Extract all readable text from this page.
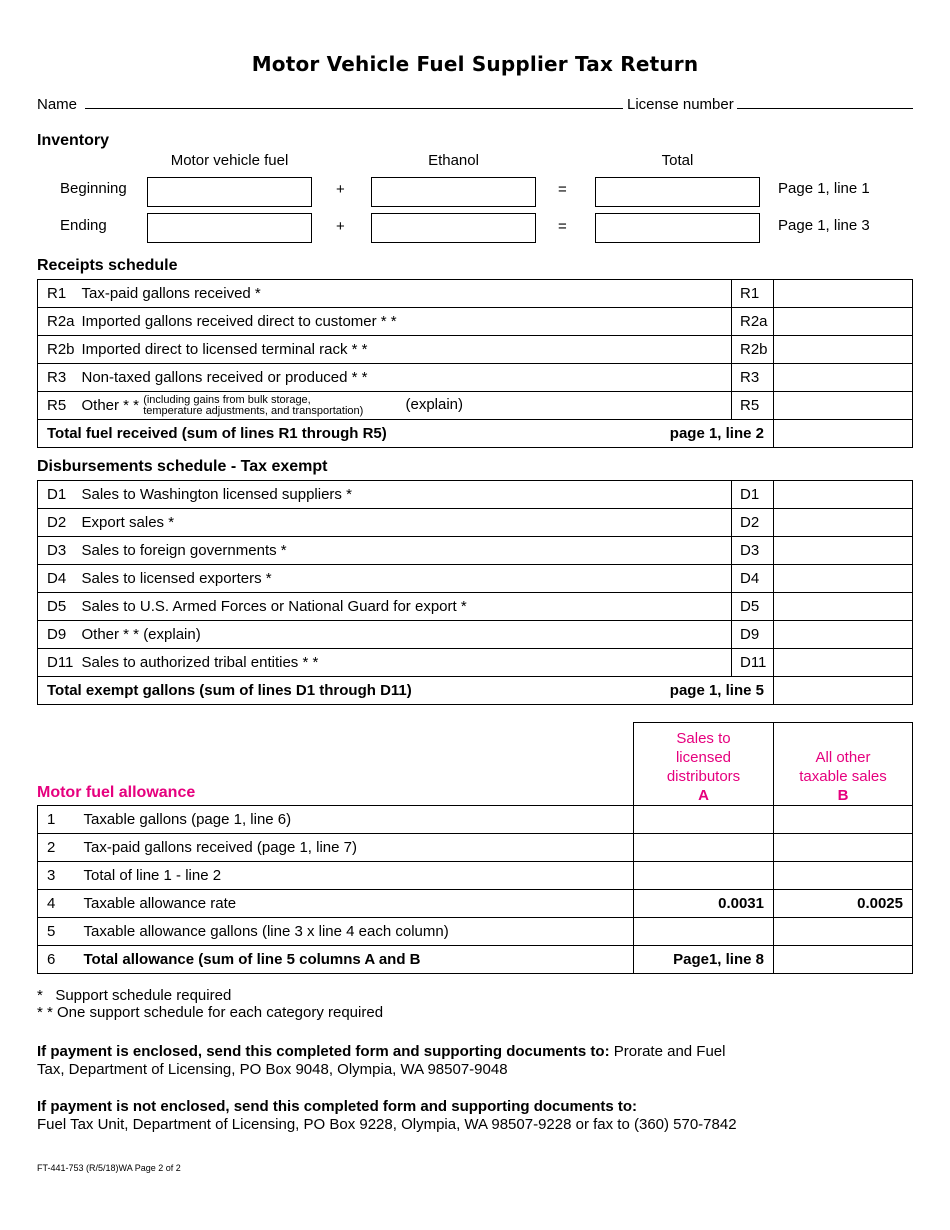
Motor Vehicle Fuel Supplier Tax Return
Name	License number
Inventory
Motor vehicle fuel	Ethanol	Total
Beginning	+	=	Page 1, line 1
Ending	+	=	Page 1, line 3
Receipts schedule
R1	Tax-paid gallons received *	R1	
R2a	Imported gallons received direct to customer * *	R2a	
R2b	Imported direct to licensed terminal rack * *	R2b	
R3	Non-taxed gallons received or produced * *	R3	
R5	Other * * (including gains from bulk storage,
temperature adjustments, and transportation) (explain)	R5	
Total fuel received (sum of lines R1 through R5) page 1, line 2			

Disbursements schedule - Tax exempt
D1	Sales to Washington licensed suppliers *	D1	
D2	Export sales *	D2	
D3	Sales to foreign governments *	D3	
D4	Sales to licensed exporters *	D4	
D5	Sales to U.S. Armed Forces or National Guard for export *	D5	
D9	Other * * (explain)	D9	
D11	Sales to authorized tribal entities * *	D11	
Total exempt gallons (sum of lines D1 through D11) page 1, line 5			

Sales to
licensed
distributors
A
All other
taxable sales
B
Motor fuel allowance
1	Taxable gallons (page 1, line 6)		
2	Tax-paid gallons received (page 1, line 7)		
3	Total of line 1 - line 2		
4	Taxable allowance rate	0.0031	0.0025
5	Taxable allowance gallons (line 3 x line 4 each column)		
6	Total allowance (sum of line 5 columns A and B	Page1, line 8	
*   Support schedule required
* * One support schedule for each category required
If payment is enclosed, send this completed form and supporting documents to: Prorate and Fuel
Tax, Department of Licensing, PO Box 9048, Olympia, WA 98507-9048
If payment is not enclosed, send this completed form and supporting documents to:
Fuel Tax Unit, Department of Licensing, PO Box 9228, Olympia, WA 98507-9228 or fax to (360) 570-7842
FT-441-753 (R/5/18)WA Page 2 of 2
